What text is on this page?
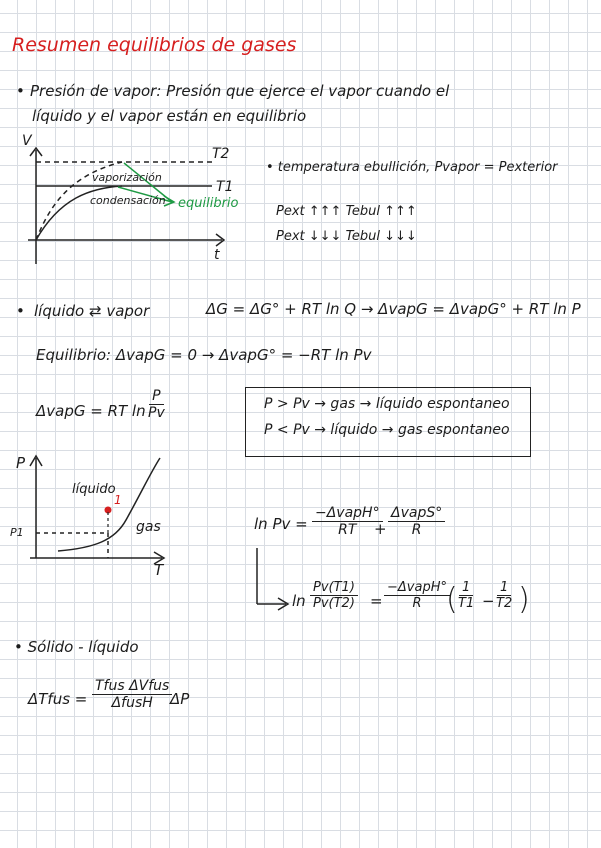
Resumen equilibrios de gases
• Presión de vapor: Presión que ejerce el vapor cuando el
líquido y el vapor están en equilibrio
V
T2
T1
vaporización
condensación equilibrio
t
• temperatura ebullición, Pvapor = Pexterior
Pext ↑↑↑ Tebul ↑↑↑
Pext ↓↓↓ Tebul ↓↓↓
• líquido ⇄ vapor	ΔG = ΔG° + RT ln Q → ΔvapG = ΔvapG° + RT ln P
Equilibrio: ΔvapG = 0 → ΔvapG° = −RT ln Pv
ΔvapG = RT $\ln \frac{P}{Pv}$	P > Pv → gas → líquido espontaneo
P < Pv → líquido → gas espontaneo
P
líquido
1
gas
P1
T
ln Pv =
−ΔvapH°
RT +
ΔvapS°
R
$\ln \frac{Pv(T1)}{Pv(T2)}$ =
−ΔvapH°
R ( $\frac{1}{T1} - \frac{1}{T2}$ )
• Sólido - líquido
ΔTfus =
Tfus ΔVfus
ΔfusH ΔP
